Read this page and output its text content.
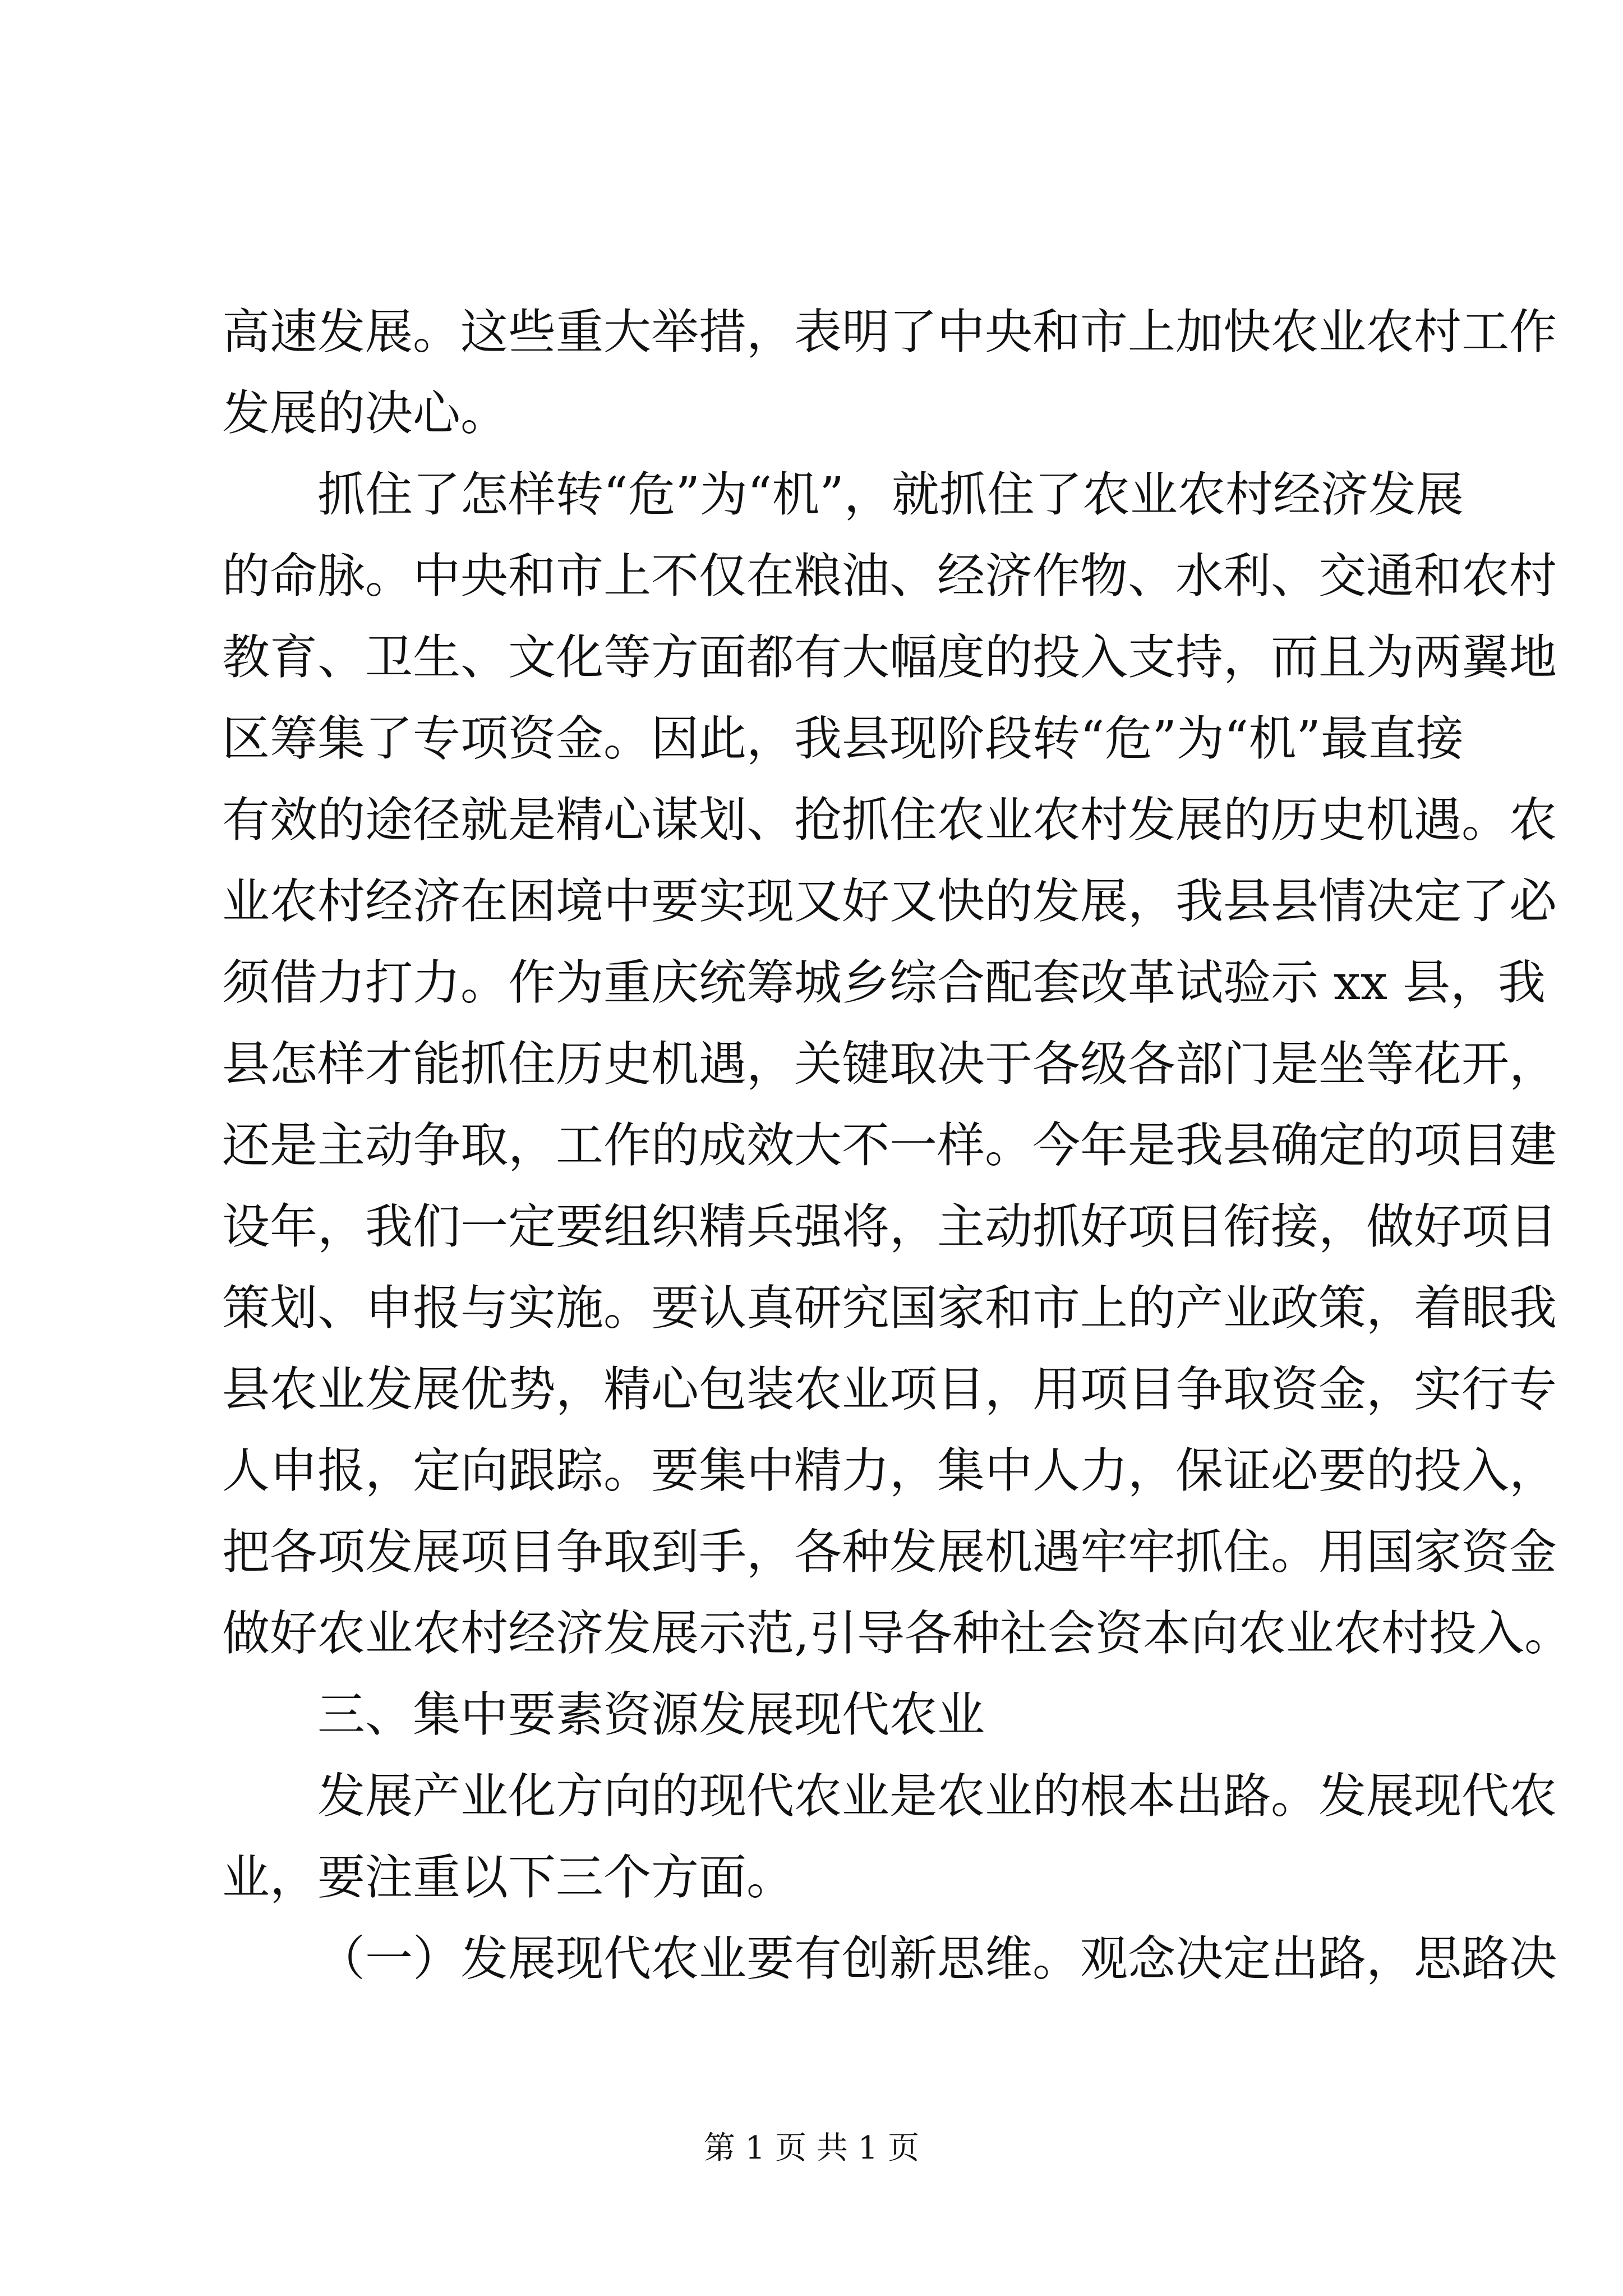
高速发展。这些重大举措，表明了中央和市上加快农业农村工作
发展的决心。
抓住了怎样转“危”为“机”，就抓住了农业农村经济发展
的命脉。中央和市上不仅在粮油、经济作物、水利、交通和农村
教育、卫生、文化等方面都有大幅度的投入支持，而且为两翼地
区筹集了专项资金。因此，我县现阶段转“危”为“机”最直接
有效的途径就是精心谋划、抢抓住农业农村发展的历史机遇。农
业农村经济在困境中要实现又好又快的发展，我县县情决定了必
须借力打力。作为重庆统筹城乡综合配套改革试验示 xx 县，我
县怎样才能抓住历史机遇，关键取决于各级各部门是坐等花开，
还是主动争取，工作的成效大不一样。今年是我县确定的项目建
设年，我们一定要组织精兵强将，主动抓好项目衔接，做好项目
策划、申报与实施。要认真研究国家和市上的产业政策，着眼我
县农业发展优势，精心包装农业项目，用项目争取资金，实行专
人申报，定向跟踪。要集中精力，集中人力，保证必要的投入，
把各项发展项目争取到手，各种发展机遇牢牢抓住。用国家资金
做好农业农村经济发展示范,引导各种社会资本向农业农村投入。
三、集中要素资源发展现代农业
发展产业化方向的现代农业是农业的根本出路。发展现代农
业，要注重以下三个方面。
（一）发展现代农业要有创新思维。观念决定出路，思路决
第 1 页 共 1 页
